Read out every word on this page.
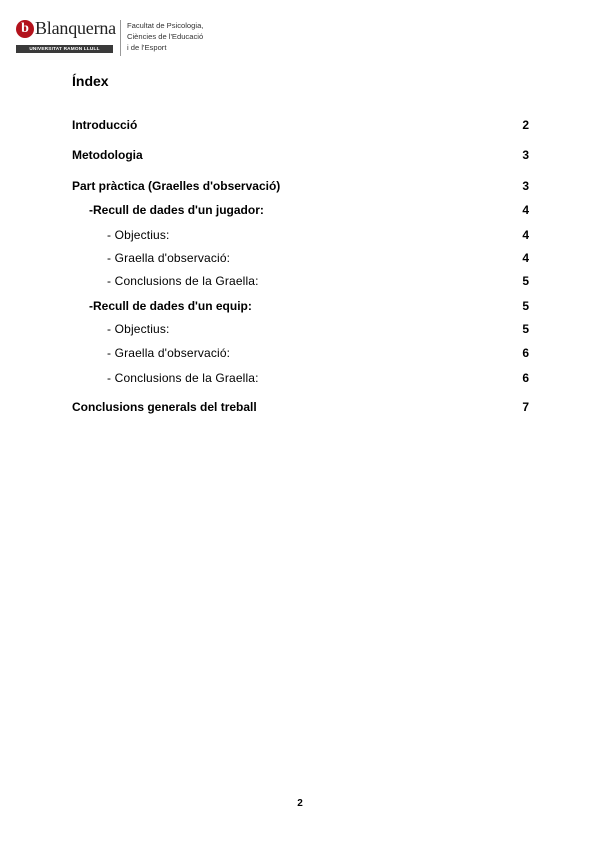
b Blanquerna
UNIVERSITAT RAMON LLULL
Facultat de Psicologia,
Ciències de l'Educació
i de l'Esport
Índex
Introducció	2
Metodologia	3
Part pràctica (Graelles d'observació)	3
-Recull de dades d'un jugador:	4
- Objectius:	4
- Graella d'observació:	4
- Conclusions de la Graella:	5
-Recull de dades d'un equip:	5
- Objectius:	5
- Graella d'observació:	6
- Conclusions de la Graella:	6
Conclusions generals del treball	7
2
